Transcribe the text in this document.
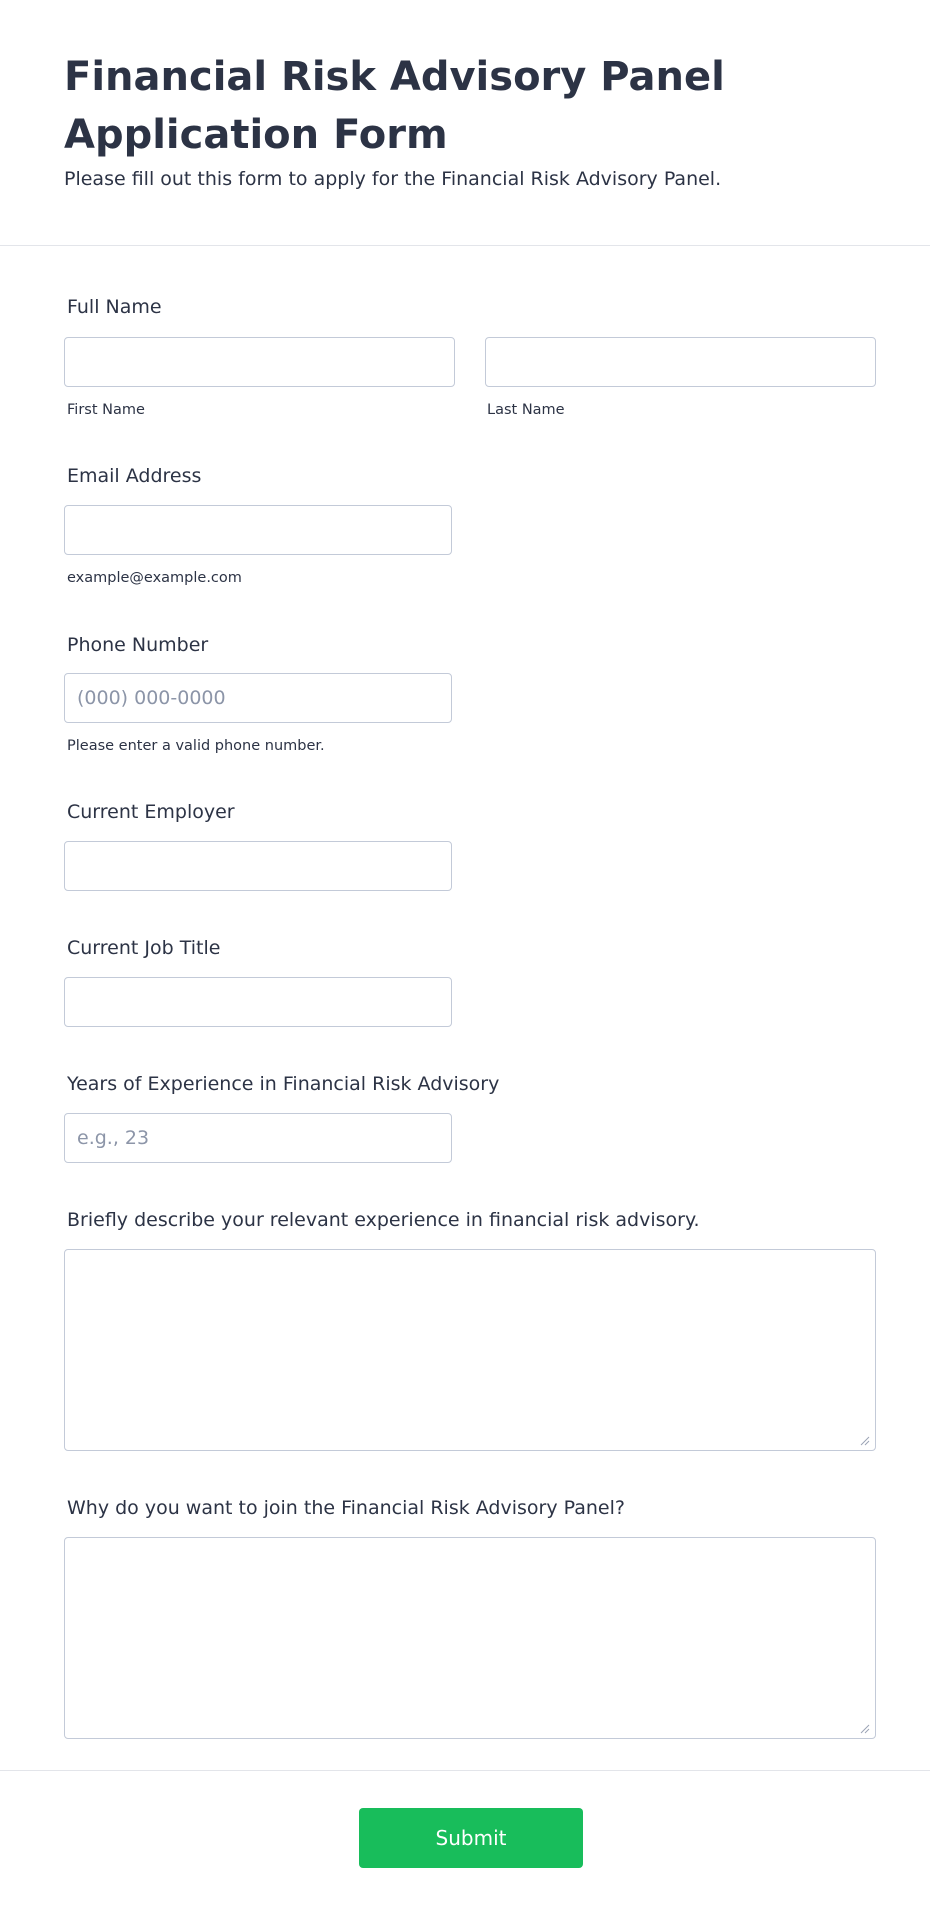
Financial Risk Advisory Panel Application Form

Please fill out this form to apply for the Financial Risk Advisory Panel.

Full Name
First Name	Last Name
Email Address
example@example.com
Phone Number
(000) 000-0000
Please enter a valid phone number.
Current Employer
Current Job Title
Years of Experience in Financial Risk Advisory
e.g., 23
Briefly describe your relevant experience in financial risk advisory.
Why do you want to join the Financial Risk Advisory Panel?
Submit
